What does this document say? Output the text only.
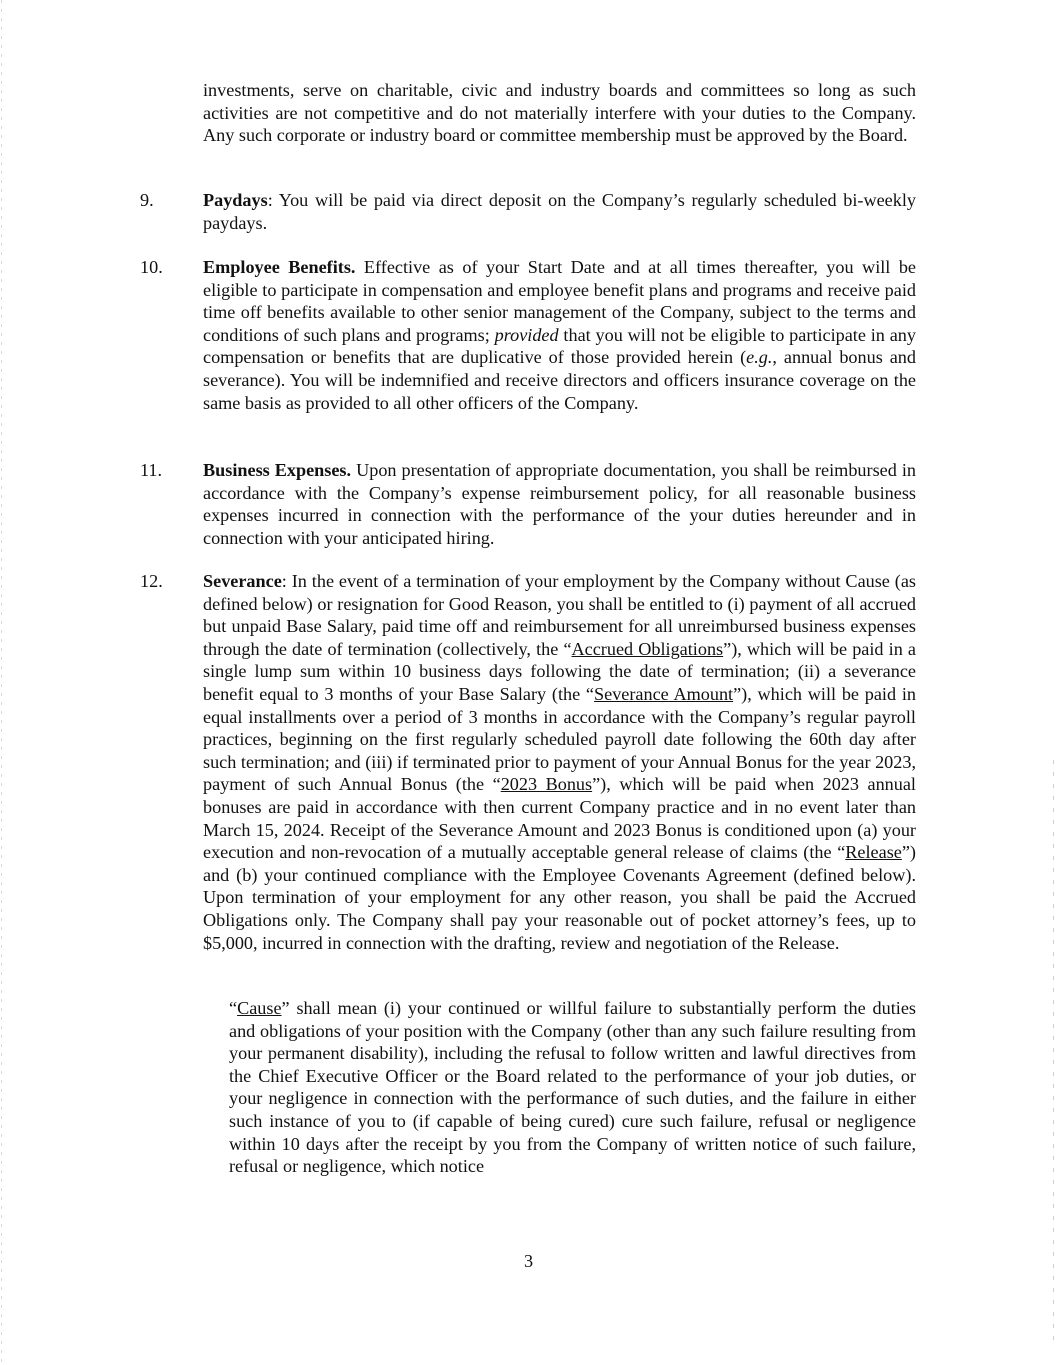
investments, serve on charitable, civic and industry boards and committees so long as such activities are not competitive and do not materially interfere with your duties to the Company. Any such corporate or industry board or committee membership must be approved by the Board.

9.	Paydays: You will be paid via direct deposit on the Company’s regularly scheduled bi-weekly paydays.
10. Employee Benefits. Effective as of your Start Date and at all times thereafter, you will be eligible to participate in compensation and employee benefit plans and programs and receive paid time off benefits available to other senior management of the Company, subject to the terms and conditions of such plans and programs; provided that you will not be eligible to participate in any compensation or benefits that are duplicative of those provided herein (e.g., annual bonus and severance). You will be indemnified and receive directors and officers insurance coverage on the same basis as provided to all other officers of the Company.
11. Business Expenses. Upon presentation of appropriate documentation, you shall be reimbursed in accordance with the Company’s expense reimbursement policy, for all reasonable business expenses incurred in connection with the performance of the your duties hereunder and in connection with your anticipated hiring.
12. Severance: In the event of a termination of your employment by the Company without Cause (as defined below) or resignation for Good Reason, you shall be entitled to (i) payment of all accrued but unpaid Base Salary, paid time off and reimbursement for all unreimbursed business expenses through the date of termination (collectively, the “Accrued Obligations”), which will be paid in a single lump sum within 10 business days following the date of termination; (ii) a severance benefit equal to 3 months of your Base Salary (the “Severance Amount”), which will be paid in equal installments over a period of 3 months in accordance with the Company’s regular payroll practices, beginning on the first regularly scheduled payroll date following the 60th day after such termination; and (iii) if terminated prior to payment of your Annual Bonus for the year 2023, payment of such Annual Bonus (the “2023 Bonus”), which will be paid when 2023 annual bonuses are paid in accordance with then current Company practice and in no event later than March 15, 2024. Receipt of the Severance Amount and 2023 Bonus is conditioned upon (a) your execution and non-revocation of a mutually acceptable general release of claims (the “Release”) and (b) your continued compliance with the Employee Covenants Agreement (defined below). Upon termination of your employment for any other reason, you shall be paid the Accrued Obligations only. The Company shall pay your reasonable out of pocket attorney’s fees, up to $5,000, incurred in connection with the drafting, review and negotiation of the Release.

“Cause” shall mean (i) your continued or willful failure to substantially perform the duties and obligations of your position with the Company (other than any such failure resulting from your permanent disability), including the refusal to follow written and lawful directives from the Chief Executive Officer or the Board related to the performance of your job duties, or your negligence in connection with the performance of such duties, and the failure in either such instance of you to (if capable of being cured) cure such failure, refusal or negligence within 10 days after the receipt by you from the Company of written notice of such failure, refusal or negligence, which notice

3
